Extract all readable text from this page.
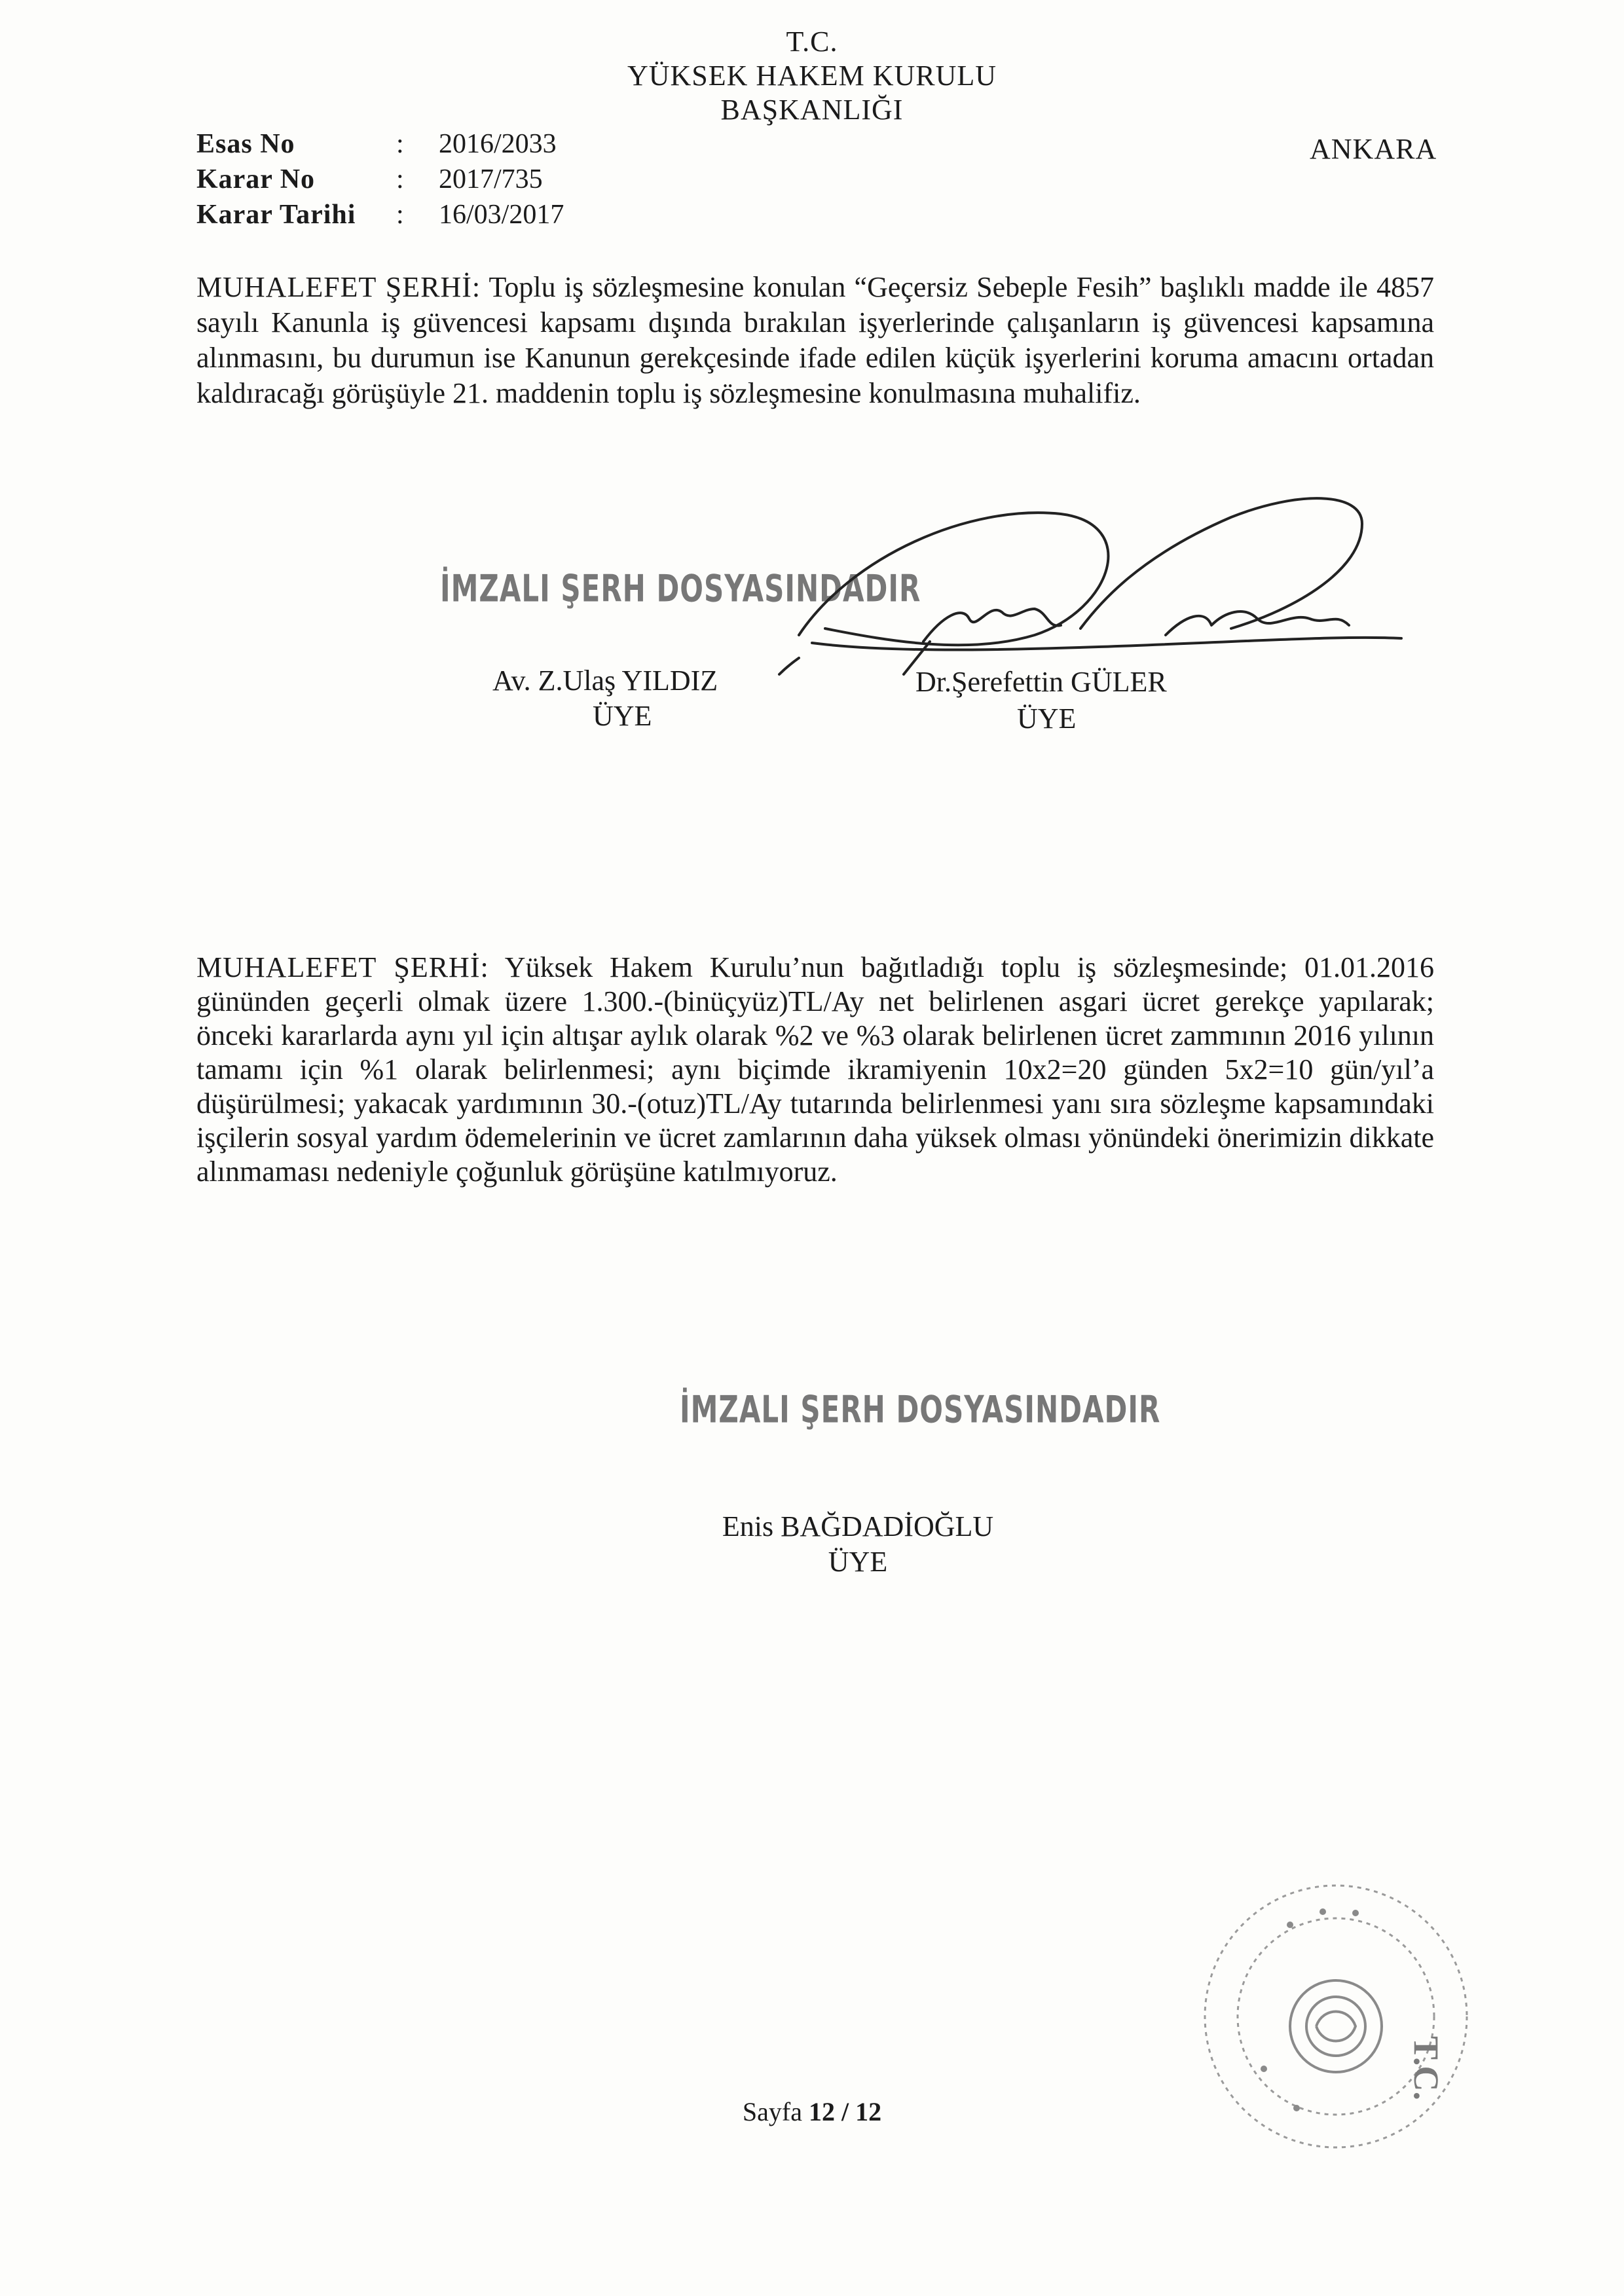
T.C.
YÜKSEK HAKEM KURULU
BAŞKANLIĞI
ANKARA
Esas No	: 2016/2033
Karar No	: 2017/735
Karar Tarihi	: 16/03/2017
MUHALEFET ŞERHİ: Toplu iş sözleşmesine konulan “Geçersiz Sebeple Fesih” başlıklı madde ile 4857 sayılı Kanunla iş güvencesi kapsamı dışında bırakılan işyerlerinde çalışanların iş güvencesi kapsamına alınmasını, bu durumun ise Kanunun gerekçesinde ifade edilen küçük işyerlerini koruma amacını ortadan kaldıracağı görüşüyle 21. maddenin toplu iş sözleşmesine konulmasına muhalifiz.
İMZALI ŞERH DOSYASINDADIR
Av. Z.Ulaş YILDIZ
ÜYE
Dr.Şerefettin GÜLER
ÜYE
MUHALEFET ŞERHİ: Yüksek Hakem Kurulu’nun bağıtladığı toplu iş sözleşmesinde; 01.01.2016 gününden geçerli olmak üzere 1.300.-(binüçyüz)TL/Ay net belirlenen asgari ücret gerekçe yapılarak; önceki kararlarda aynı yıl için altışar aylık olarak %2 ve %3 olarak belirlenen ücret zammının 2016 yılının tamamı için %1 olarak belirlenmesi; aynı biçimde ikramiyenin 10x2=20 günden 5x2=10 gün/yıl’a düşürülmesi; yakacak yardımının 30.-(otuz)TL/Ay tutarında belirlenmesi yanı sıra sözleşme kapsamındaki işçilerin sosyal yardım ödemelerinin ve ücret zamlarının daha yüksek olması yönündeki önerimizin dikkate alınmaması nedeniyle çoğunluk görüşüne katılmıyoruz.
İMZALI ŞERH DOSYASINDADIR
Enis BAĞDADİOĞLU
ÜYE
T.C.
Sayfa 12 / 12
